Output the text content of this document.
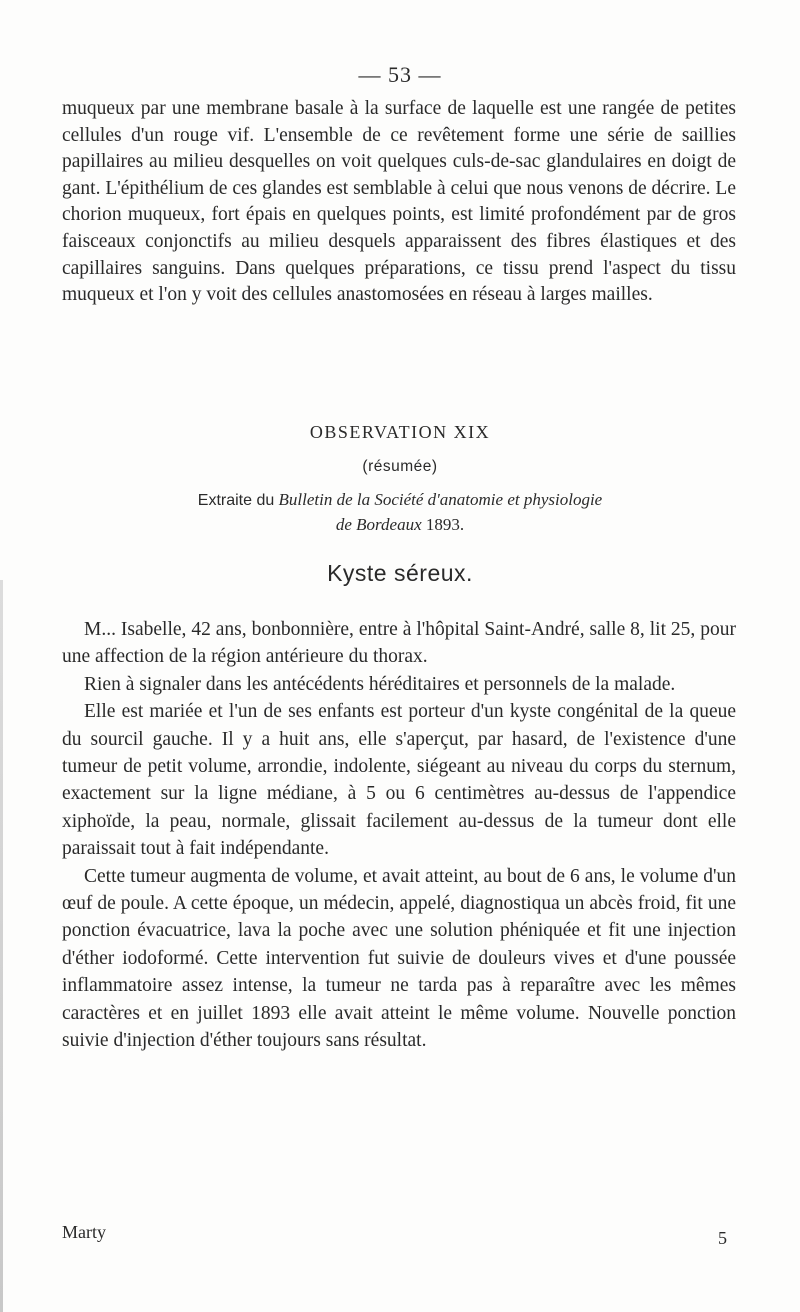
— 53 —

muqueux par une membrane basale à la surface de laquelle est une rangée de petites cellules d'un rouge vif. L'ensemble de ce revêtement forme une série de saillies papillaires au milieu desquelles on voit quelques culs-de-sac glandulaires en doigt de gant. L'épithélium de ces glandes est semblable à celui que nous venons de décrire. Le chorion muqueux, fort épais en quelques points, est limité profondément par de gros faisceaux conjonctifs au milieu desquels apparaissent des fibres élastiques et des capillaires sanguins. Dans quelques préparations, ce tissu prend l'aspect du tissu muqueux et l'on y voit des cellules anastomosées en réseau à larges mailles.

OBSERVATION XIX
(résumée)
Extraite du Bulletin de la Société d'anatomie et physiologie
de Bordeaux 1893.
Kyste séreux.

M... Isabelle, 42 ans, bonbonnière, entre à l'hôpital Saint-André, salle 8, lit 25, pour une affection de la région antérieure du thorax.

Rien à signaler dans les antécédents héréditaires et personnels de la malade.

Elle est mariée et l'un de ses enfants est porteur d'un kyste congénital de la queue du sourcil gauche. Il y a huit ans, elle s'aperçut, par hasard, de l'existence d'une tumeur de petit volume, arrondie, indolente, siégeant au niveau du corps du sternum, exactement sur la ligne médiane, à 5 ou 6 centimètres au-dessus de l'appendice xiphoïde, la peau, normale, glissait facilement au-dessus de la tumeur dont elle paraissait tout à fait indépendante.

Cette tumeur augmenta de volume, et avait atteint, au bout de 6 ans, le volume d'un œuf de poule. A cette époque, un médecin, appelé, diagnostiqua un abcès froid, fit une ponction évacuatrice, lava la poche avec une solution phéniquée et fit une injection d'éther iodoformé. Cette intervention fut suivie de douleurs vives et d'une poussée inflammatoire assez intense, la tumeur ne tarda pas à reparaître avec les mêmes caractères et en juillet 1893 elle avait atteint le même volume. Nouvelle ponction suivie d'injection d'éther toujours sans résultat.

Marty	5
